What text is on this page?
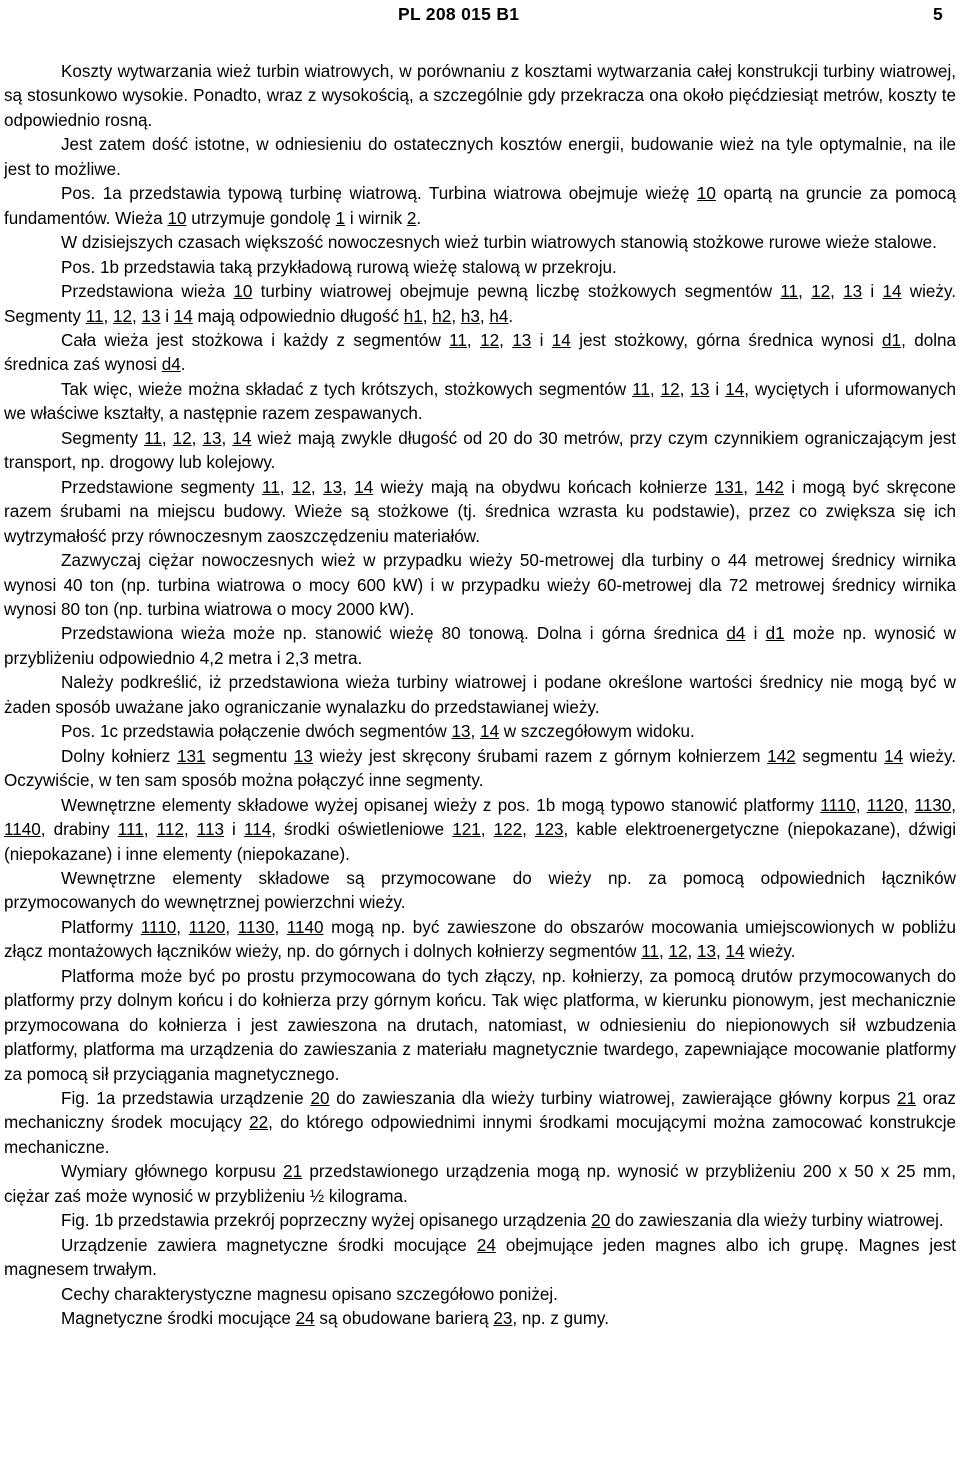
PL 208 015 B1	5

Koszty wytwarzania wież turbin wiatrowych, w porównaniu z kosztami wytwarzania całej konstrukcji turbiny wiatrowej, są stosunkowo wysokie. Ponadto, wraz z wysokością, a szczególnie gdy przekracza ona około pięćdziesiąt metrów, koszty te odpowiednio rosną.

Jest zatem dość istotne, w odniesieniu do ostatecznych kosztów energii, budowanie wież na tyle optymalnie, na ile jest to możliwe.

Pos. 1a przedstawia typową turbinę wiatrową. Turbina wiatrowa obejmuje wieżę 10 opartą na gruncie za pomocą fundamentów. Wieża 10 utrzymuje gondolę 1 i wirnik 2.

W dzisiejszych czasach większość nowoczesnych wież turbin wiatrowych stanowią stożkowe rurowe wieże stalowe.

Pos. 1b przedstawia taką przykładową rurową wieżę stalową w przekroju.

Przedstawiona wieża 10 turbiny wiatrowej obejmuje pewną liczbę stożkowych segmentów 11, 12, 13 i 14 wieży. Segmenty 11, 12, 13 i 14 mają odpowiednio długość h1, h2, h3, h4.

Cała wieża jest stożkowa i każdy z segmentów 11, 12, 13 i 14 jest stożkowy, górna średnica wynosi d1, dolna średnica zaś wynosi d4.

Tak więc, wieże można składać z tych krótszych, stożkowych segmentów 11, 12, 13 i 14, wyciętych i uformowanych we właściwe kształty, a następnie razem zespawanych.

Segmenty 11, 12, 13, 14 wież mają zwykle długość od 20 do 30 metrów, przy czym czynnikiem ograniczającym jest transport, np. drogowy lub kolejowy.

Przedstawione segmenty 11, 12, 13, 14 wieży mają na obydwu końcach kołnierze 131, 142 i mogą być skręcone razem śrubami na miejscu budowy. Wieże są stożkowe (tj. średnica wzrasta ku podstawie), przez co zwiększa się ich wytrzymałość przy równoczesnym zaoszczędzeniu materiałów.

Zazwyczaj ciężar nowoczesnych wież w przypadku wieży 50-metrowej dla turbiny o 44 metrowej średnicy wirnika wynosi 40 ton (np. turbina wiatrowa o mocy 600 kW) i w przypadku wieży 60-metrowej dla 72 metrowej średnicy wirnika wynosi 80 ton (np. turbina wiatrowa o mocy 2000 kW).

Przedstawiona wieża może np. stanowić wieżę 80 tonową. Dolna i górna średnica d4 i d1 może np. wynosić w przybliżeniu odpowiednio 4,2 metra i 2,3 metra.

Należy podkreślić, iż przedstawiona wieża turbiny wiatrowej i podane określone wartości średnicy nie mogą być w żaden sposób uważane jako ograniczanie wynalazku do przedstawianej wieży.

Pos. 1c przedstawia połączenie dwóch segmentów 13, 14 w szczegółowym widoku.

Dolny kołnierz 131 segmentu 13 wieży jest skręcony śrubami razem z górnym kołnierzem 142 segmentu 14 wieży. Oczywiście, w ten sam sposób można połączyć inne segmenty.

Wewnętrzne elementy składowe wyżej opisanej wieży z pos. 1b mogą typowo stanowić platformy 1110, 1120, 1130, 1140, drabiny 111, 112, 113 i 114, środki oświetleniowe 121, 122, 123, kable elektroenergetyczne (niepokazane), dźwigi (niepokazane) i inne elementy (niepokazane).

Wewnętrzne elementy składowe są przymocowane do wieży np. za pomocą odpowiednich łączników przymocowanych do wewnętrznej powierzchni wieży.

Platformy 1110, 1120, 1130, 1140 mogą np. być zawieszone do obszarów mocowania umiejscowionych w pobliżu złącz montażowych łączników wieży, np. do górnych i dolnych kołnierzy segmentów 11, 12, 13, 14 wieży.

Platforma może być po prostu przymocowana do tych złączy, np. kołnierzy, za pomocą drutów przymocowanych do platformy przy dolnym końcu i do kołnierza przy górnym końcu. Tak więc platforma, w kierunku pionowym, jest mechanicznie przymocowana do kołnierza i jest zawieszona na drutach, natomiast, w odniesieniu do niepionowych sił wzbudzenia platformy, platforma ma urządzenia do zawieszania z materiału magnetycznie twardego, zapewniające mocowanie platformy za pomocą sił przyciągania magnetycznego.

Fig. 1a przedstawia urządzenie 20 do zawieszania dla wieży turbiny wiatrowej, zawierające główny korpus 21 oraz mechaniczny środek mocujący 22, do którego odpowiednimi innymi środkami mocującymi można zamocować konstrukcje mechaniczne.

Wymiary głównego korpusu 21 przedstawionego urządzenia mogą np. wynosić w przybliżeniu 200 x 50 x 25 mm, ciężar zaś może wynosić w przybliżeniu ½ kilograma.

Fig. 1b przedstawia przekrój poprzeczny wyżej opisanego urządzenia 20 do zawieszania dla wieży turbiny wiatrowej.

Urządzenie zawiera magnetyczne środki mocujące 24 obejmujące jeden magnes albo ich grupę. Magnes jest magnesem trwałym.

Cechy charakterystyczne magnesu opisano szczegółowo poniżej.

Magnetyczne środki mocujące 24 są obudowane barierą 23, np. z gumy.
